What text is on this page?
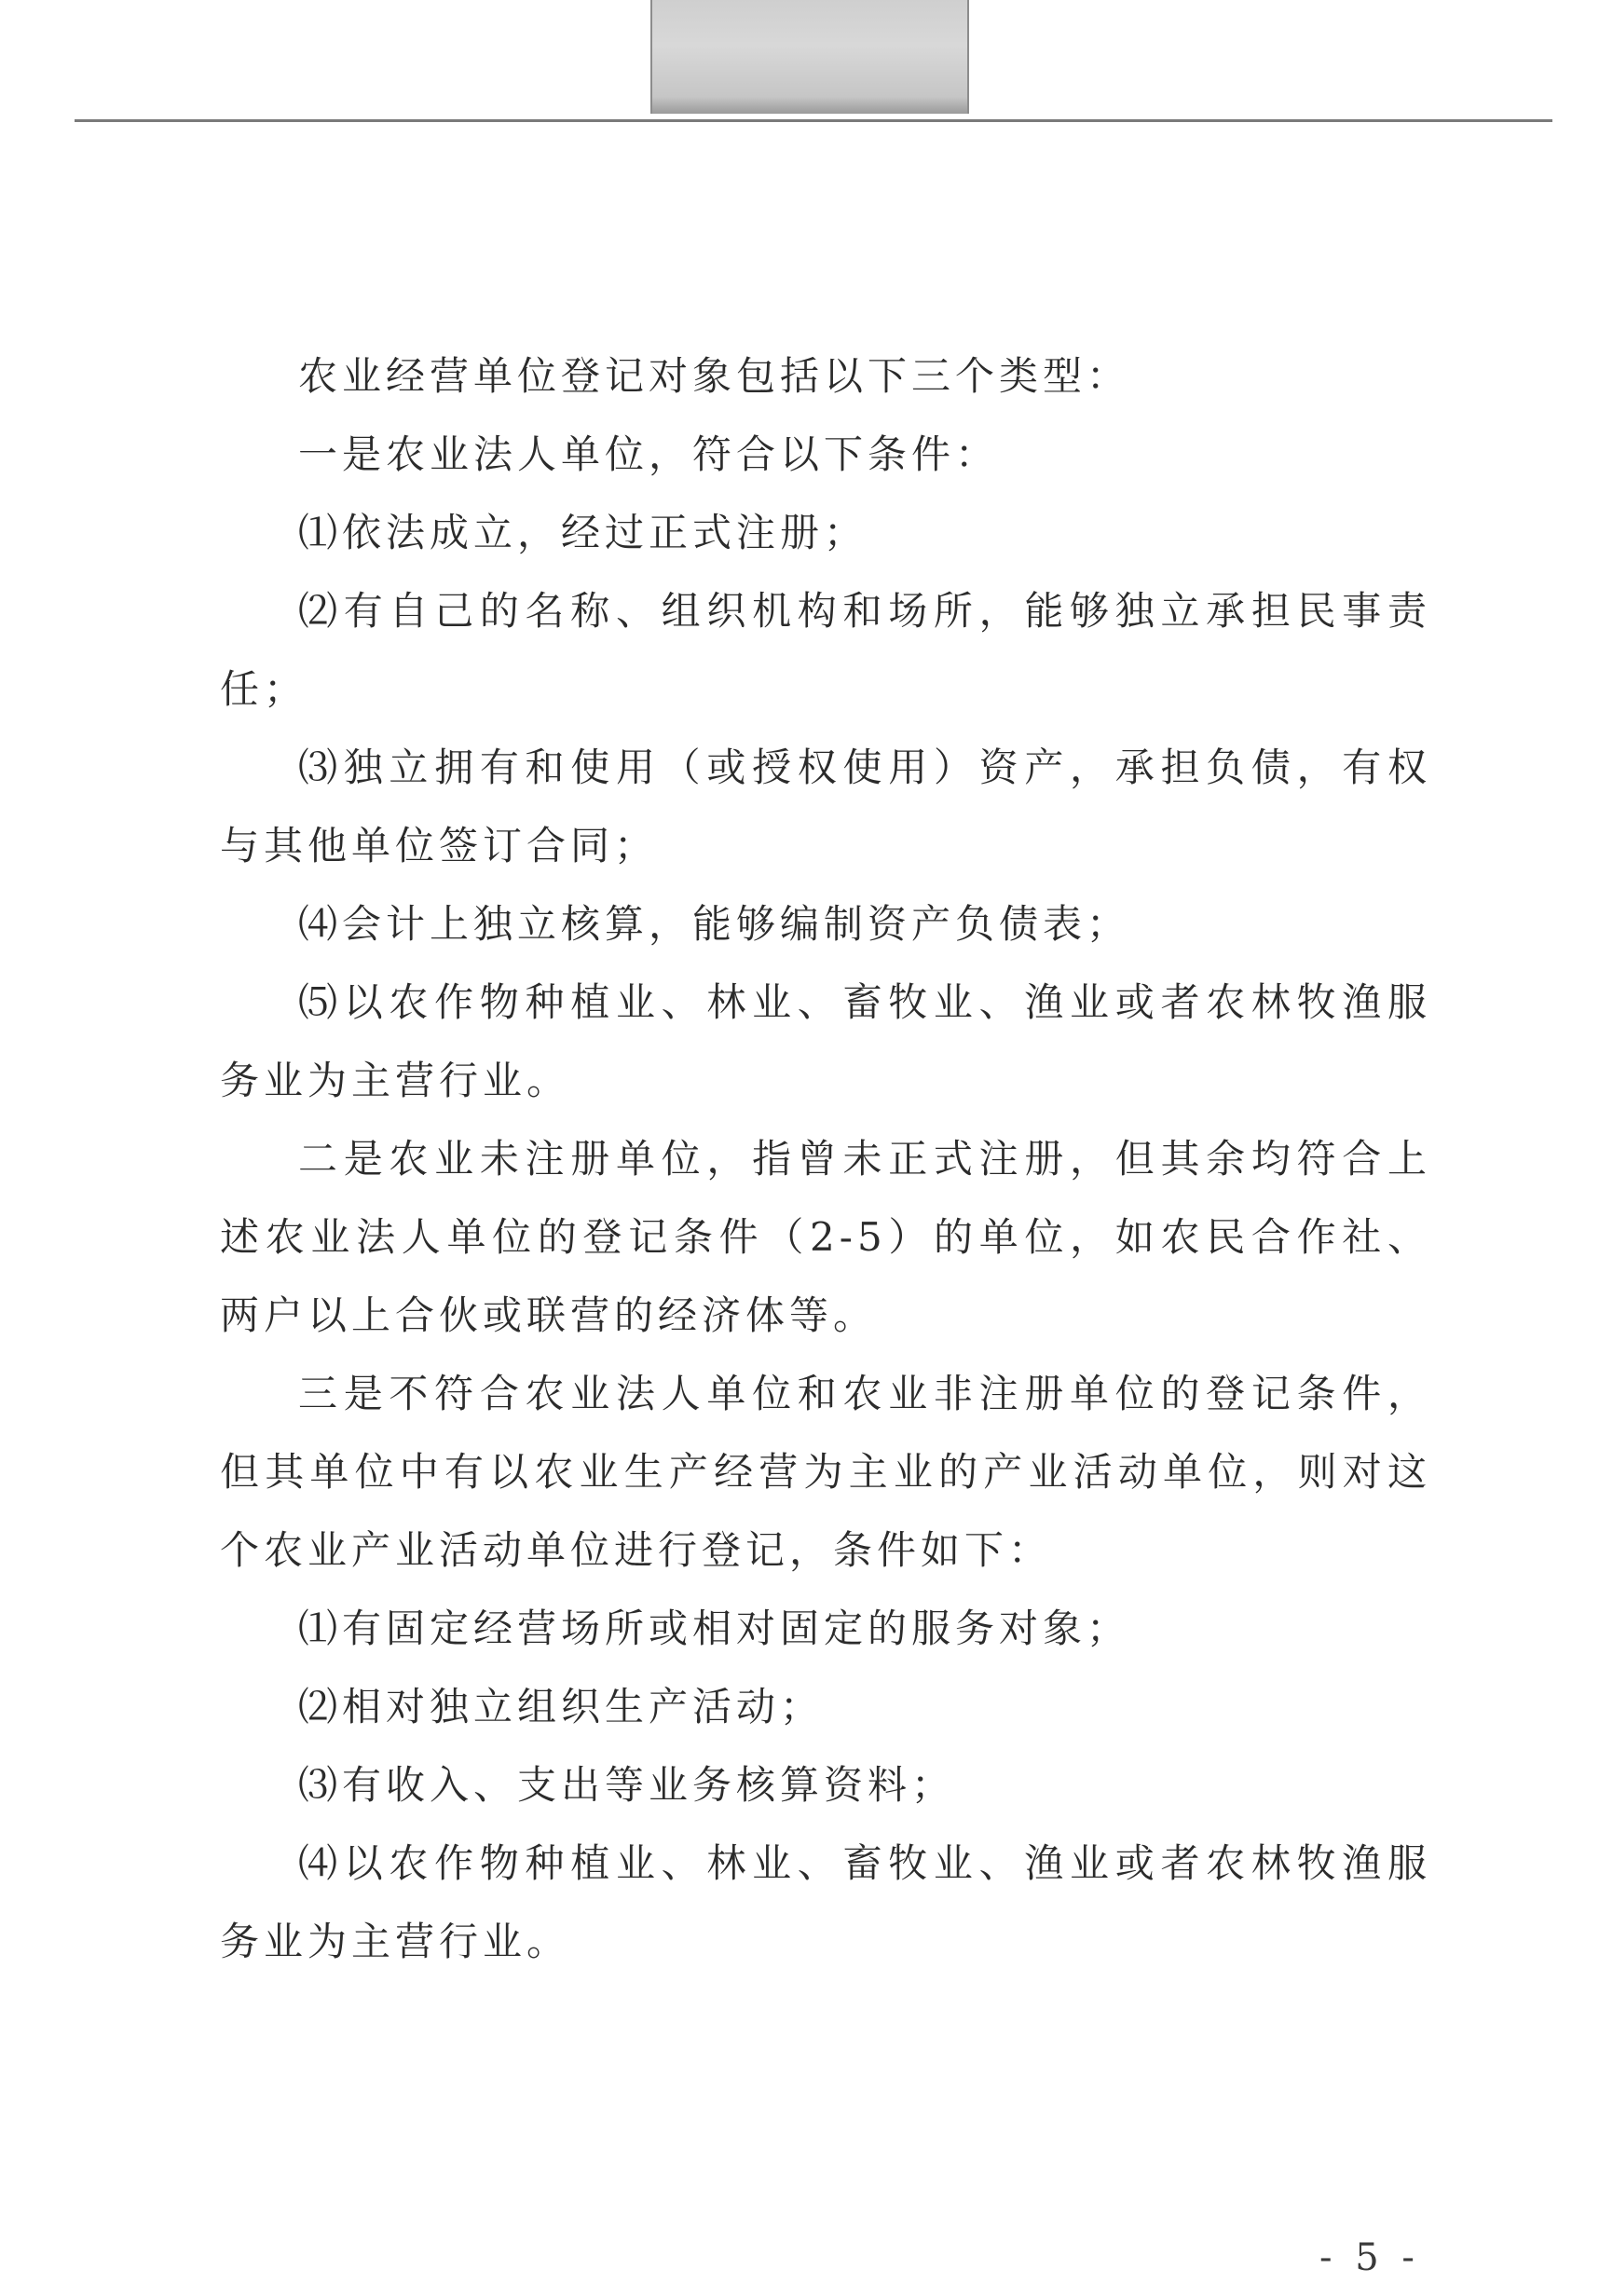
农业经营单位登记对象包括以下三个类型：

一是农业法人单位，符合以下条件：

⑴依法成立，经过正式注册；

⑵有自己的名称、组织机构和场所，能够独立承担民事责任；

⑶独立拥有和使用（或授权使用）资产，承担负债，有权与其他单位签订合同；

⑷会计上独立核算，能够编制资产负债表；

⑸以农作物种植业、林业、畜牧业、渔业或者农林牧渔服务业为主营行业。

二是农业未注册单位，指曾未正式注册，但其余均符合上述农业法人单位的登记条件（2-5）的单位，如农民合作社、两户以上合伙或联营的经济体等。

三是不符合农业法人单位和农业非注册单位的登记条件，但其单位中有以农业生产经营为主业的产业活动单位，则对这个农业产业活动单位进行登记，条件如下：

⑴有固定经营场所或相对固定的服务对象；

⑵相对独立组织生产活动；

⑶有收入、支出等业务核算资料；

⑷以农作物种植业、林业、畜牧业、渔业或者农林牧渔服务业为主营行业。

- 5 -
